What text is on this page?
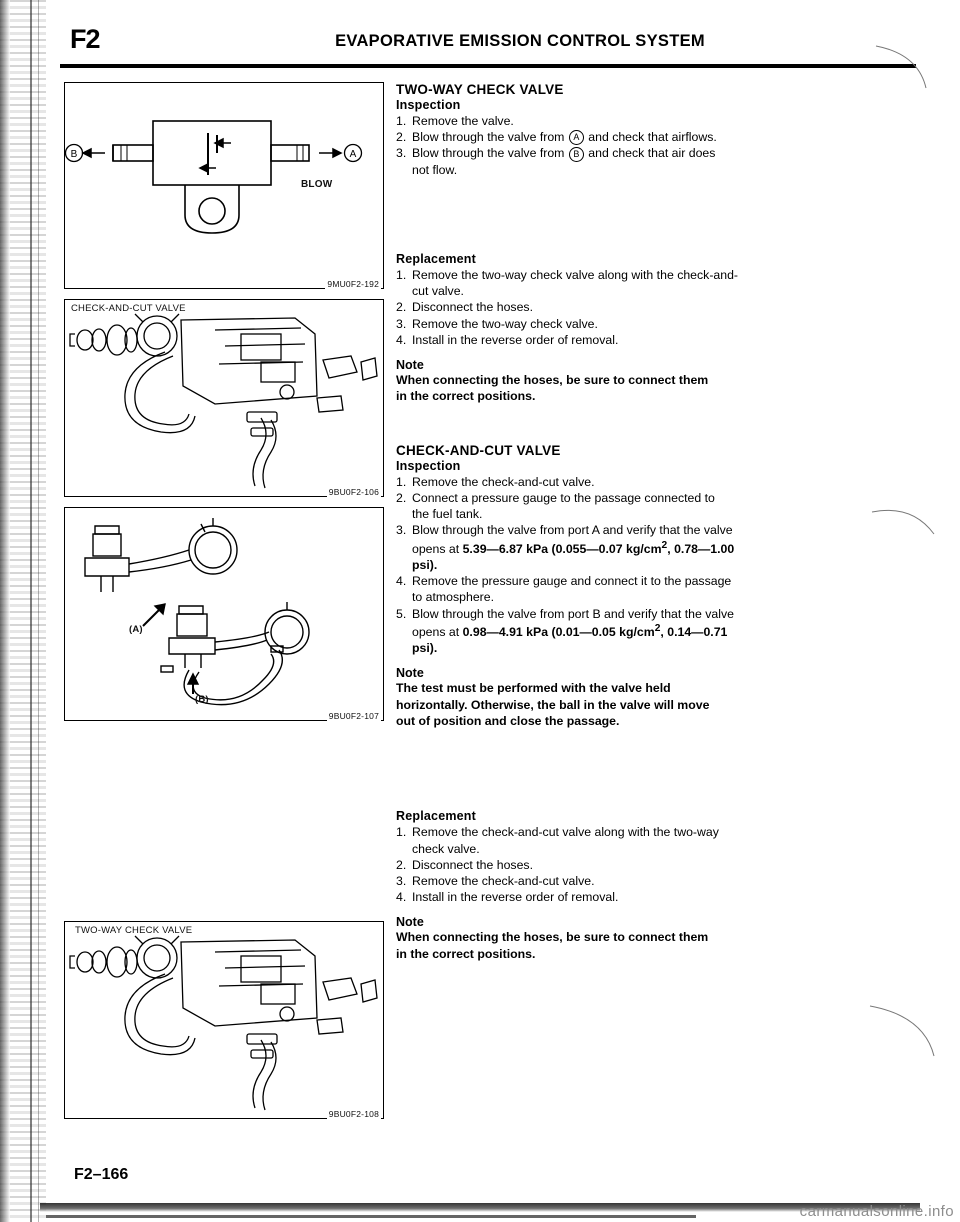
F2	EVAPORATIVE EMISSION CONTROL SYSTEM
B	A
BLOW
9MU0F2-192
CHECK-AND-CUT VALVE
9BU0F2-106
(A)
(B)
9BU0F2-107
TWO-WAY CHECK VALVE
9BU0F2-108
TWO-WAY CHECK VALVE
Inspection
1. Remove the valve.
2. Blow through the valve from A and check that airflows.
3. Blow through the valve from B and check that air does
not flow.
Replacement
1. Remove the two-way check valve along with the check-and-
cut valve.
2. Disconnect the hoses.
3. Remove the two-way check valve.
4. Install in the reverse order of removal.
Note
When connecting the hoses, be sure to connect them
in the correct positions.
CHECK-AND-CUT VALVE
Inspection
1. Remove the check-and-cut valve.
2. Connect a pressure gauge to the passage connected to
the fuel tank.
3. Blow through the valve from port A and verify that the valve
opens at 5.39—6.87 kPa (0.055—0.07 $kg/cm^2$, 0.78—1.00
psi).
4. Remove the pressure gauge and connect it to the passage
to atmosphere.
5. Blow through the valve from port B and verify that the valve
opens at 0.98—4.91 kPa (0.01—0.05 $kg/cm^2$, 0.14—0.71
psi).
Note
The test must be performed with the valve held
horizontally. Otherwise, the ball in the valve will move
out of position and close the passage.
Replacement
1. Remove the check-and-cut valve along with the two-way
check valve.
2. Disconnect the hoses.
3. Remove the check-and-cut valve.
4. Install in the reverse order of removal.
Note
When connecting the hoses, be sure to connect them
in the correct positions.
F2–166
carmanualsonline.info
